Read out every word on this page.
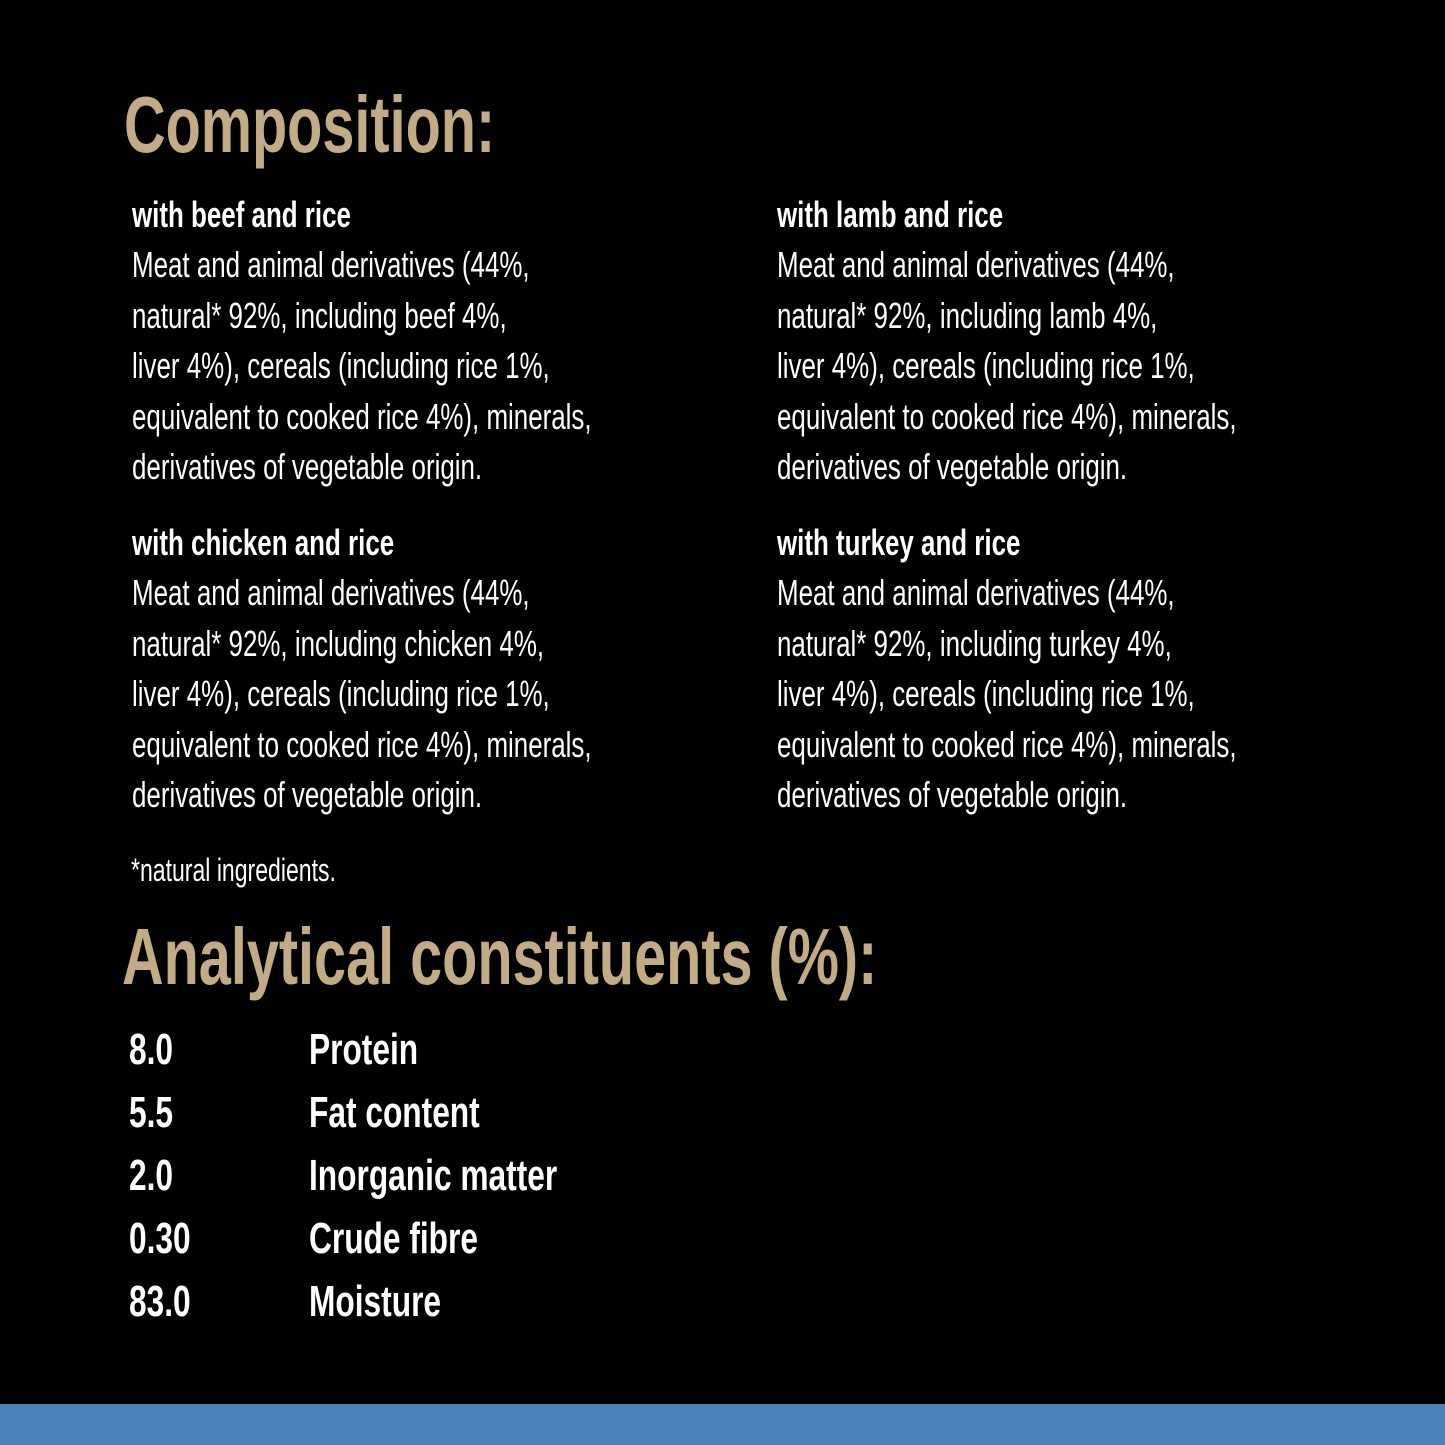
Composition:
with beef and rice
Meat and animal derivatives (44%,
natural* 92%, including beef 4%,
liver 4%), cereals (including rice 1%,
equivalent to cooked rice 4%), minerals,
derivatives of vegetable origin.
with lamb and rice
Meat and animal derivatives (44%,
natural* 92%, including lamb 4%,
liver 4%), cereals (including rice 1%,
equivalent to cooked rice 4%), minerals,
derivatives of vegetable origin.
with chicken and rice
Meat and animal derivatives (44%,
natural* 92%, including chicken 4%,
liver 4%), cereals (including rice 1%,
equivalent to cooked rice 4%), minerals,
derivatives of vegetable origin.
with turkey and rice
Meat and animal derivatives (44%,
natural* 92%, including turkey 4%,
liver 4%), cereals (including rice 1%,
equivalent to cooked rice 4%), minerals,
derivatives of vegetable origin.
*natural ingredients.
Analytical constituents (%):
8.0	Protein
5.5	Fat content
2.0	Inorganic matter
0.30	Crude fibre
83.0	Moisture
